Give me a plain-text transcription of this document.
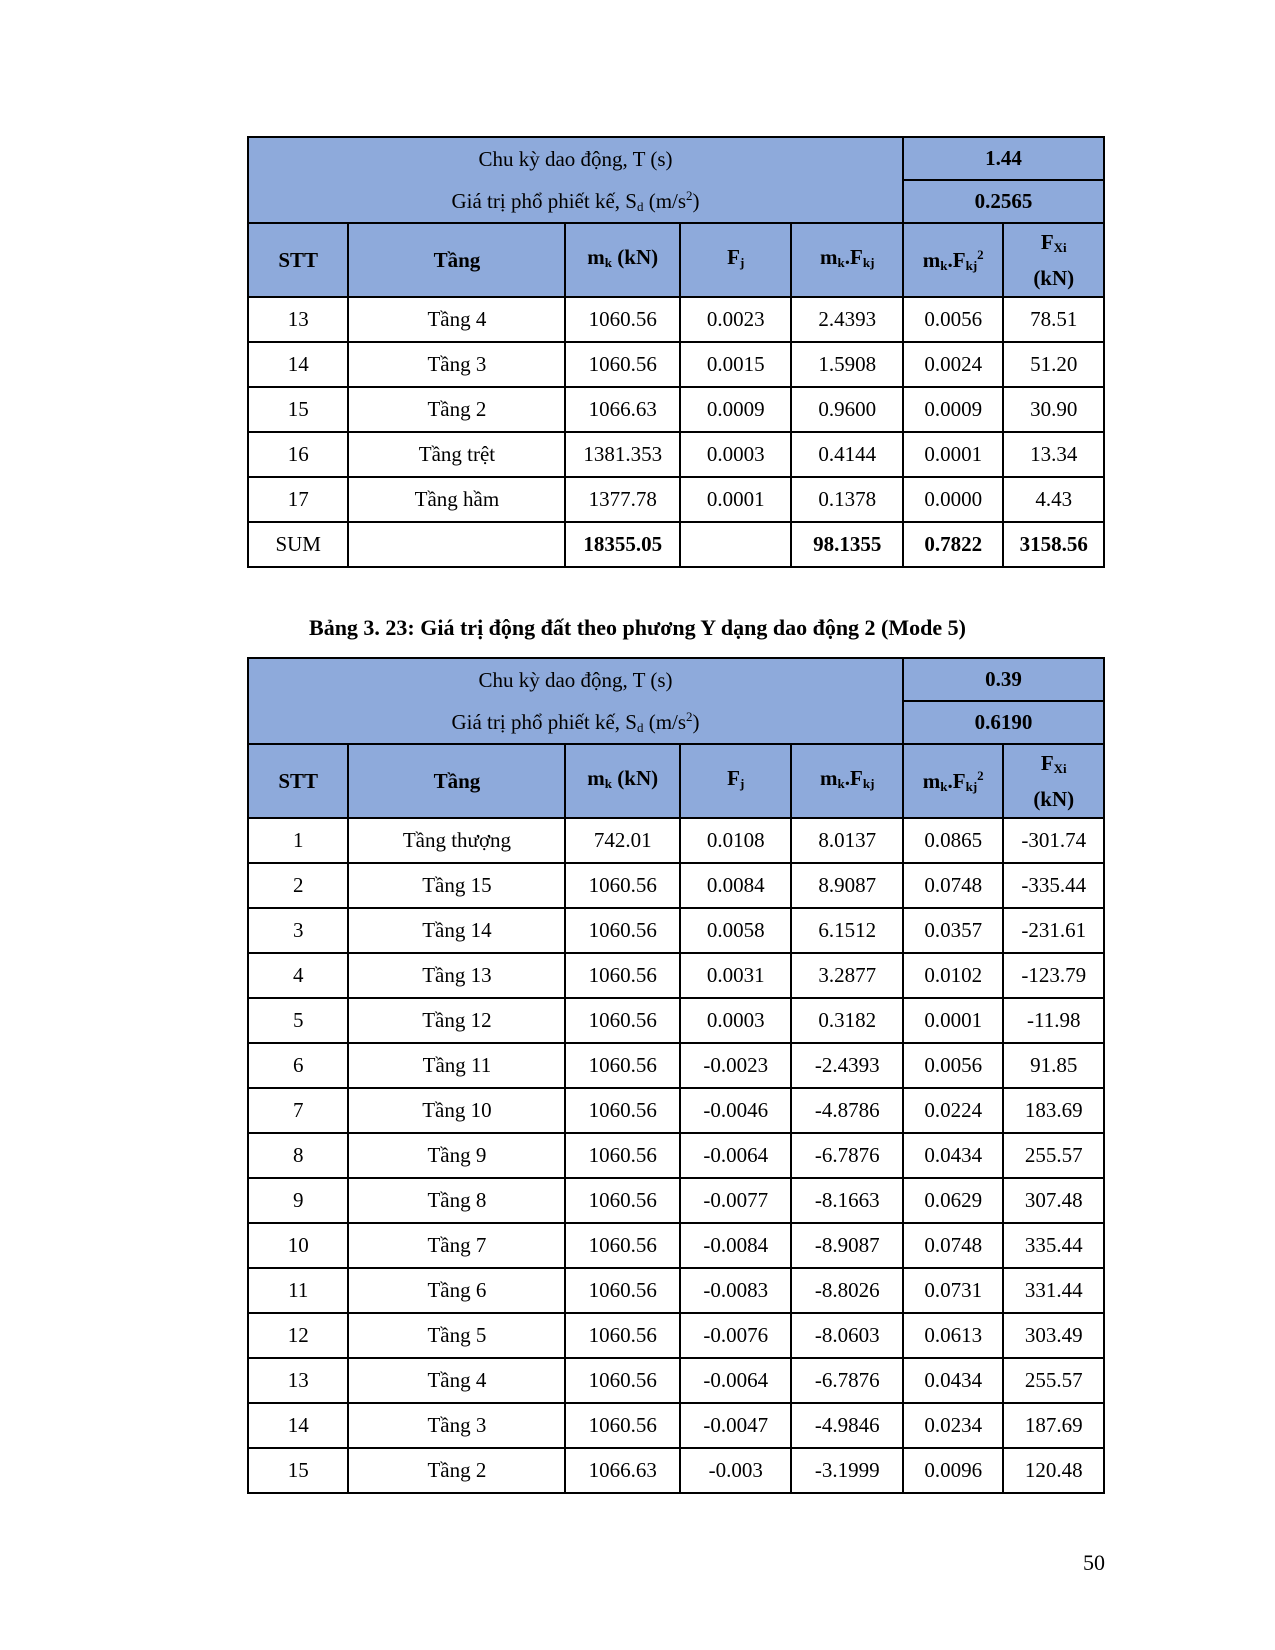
Chu kỳ dao động, T (s)					1.44	
Giá trị phổ phiết kế, $S_d$ $(m/s^2)$					0.2565	
STT	Tầng	$m_k$ (kN)	$F_j$	$m_k.F_{kj}$	$m_k.F_{kj}^2$	$F_{Xi}$
(kN)
13	Tầng 4	1060.56	0.0023	2.4393	0.0056	78.51
14	Tầng 3	1060.56	0.0015	1.5908	0.0024	51.20
15	Tầng 2	1066.63	0.0009	0.9600	0.0009	30.90
16	Tầng trệt	1381.353	0.0003	0.4144	0.0001	13.34
17	Tầng hầm	1377.78	0.0001	0.1378	0.0000	4.43
SUM		18355.05		98.1355	0.7822	3158.56
Bảng 3. 23: Giá trị động đất theo phương Y dạng dao động 2 (Mode 5)
Chu kỳ dao động, T (s)					0.39	
Giá trị phổ phiết kế, $S_d$ $(m/s^2)$					0.6190	
STT	Tầng	$m_k$ (kN)	$F_j$	$m_k.F_{kj}$	$m_k.F_{kj}^2$	$F_{Xi}$
(kN)
1	Tầng thượng	742.01	0.0108	8.0137	0.0865	-301.74
2	Tầng 15	1060.56	0.0084	8.9087	0.0748	-335.44
3	Tầng 14	1060.56	0.0058	6.1512	0.0357	-231.61
4	Tầng 13	1060.56	0.0031	3.2877	0.0102	-123.79
5	Tầng 12	1060.56	0.0003	0.3182	0.0001	-11.98
6	Tầng 11	1060.56	-0.0023	-2.4393	0.0056	91.85
7	Tầng 10	1060.56	-0.0046	-4.8786	0.0224	183.69
8	Tầng 9	1060.56	-0.0064	-6.7876	0.0434	255.57
9	Tầng 8	1060.56	-0.0077	-8.1663	0.0629	307.48
10	Tầng 7	1060.56	-0.0084	-8.9087	0.0748	335.44
11	Tầng 6	1060.56	-0.0083	-8.8026	0.0731	331.44
12	Tầng 5	1060.56	-0.0076	-8.0603	0.0613	303.49
13	Tầng 4	1060.56	-0.0064	-6.7876	0.0434	255.57
14	Tầng 3	1060.56	-0.0047	-4.9846	0.0234	187.69
15	Tầng 2	1066.63	-0.003	-3.1999	0.0096	120.48
50
